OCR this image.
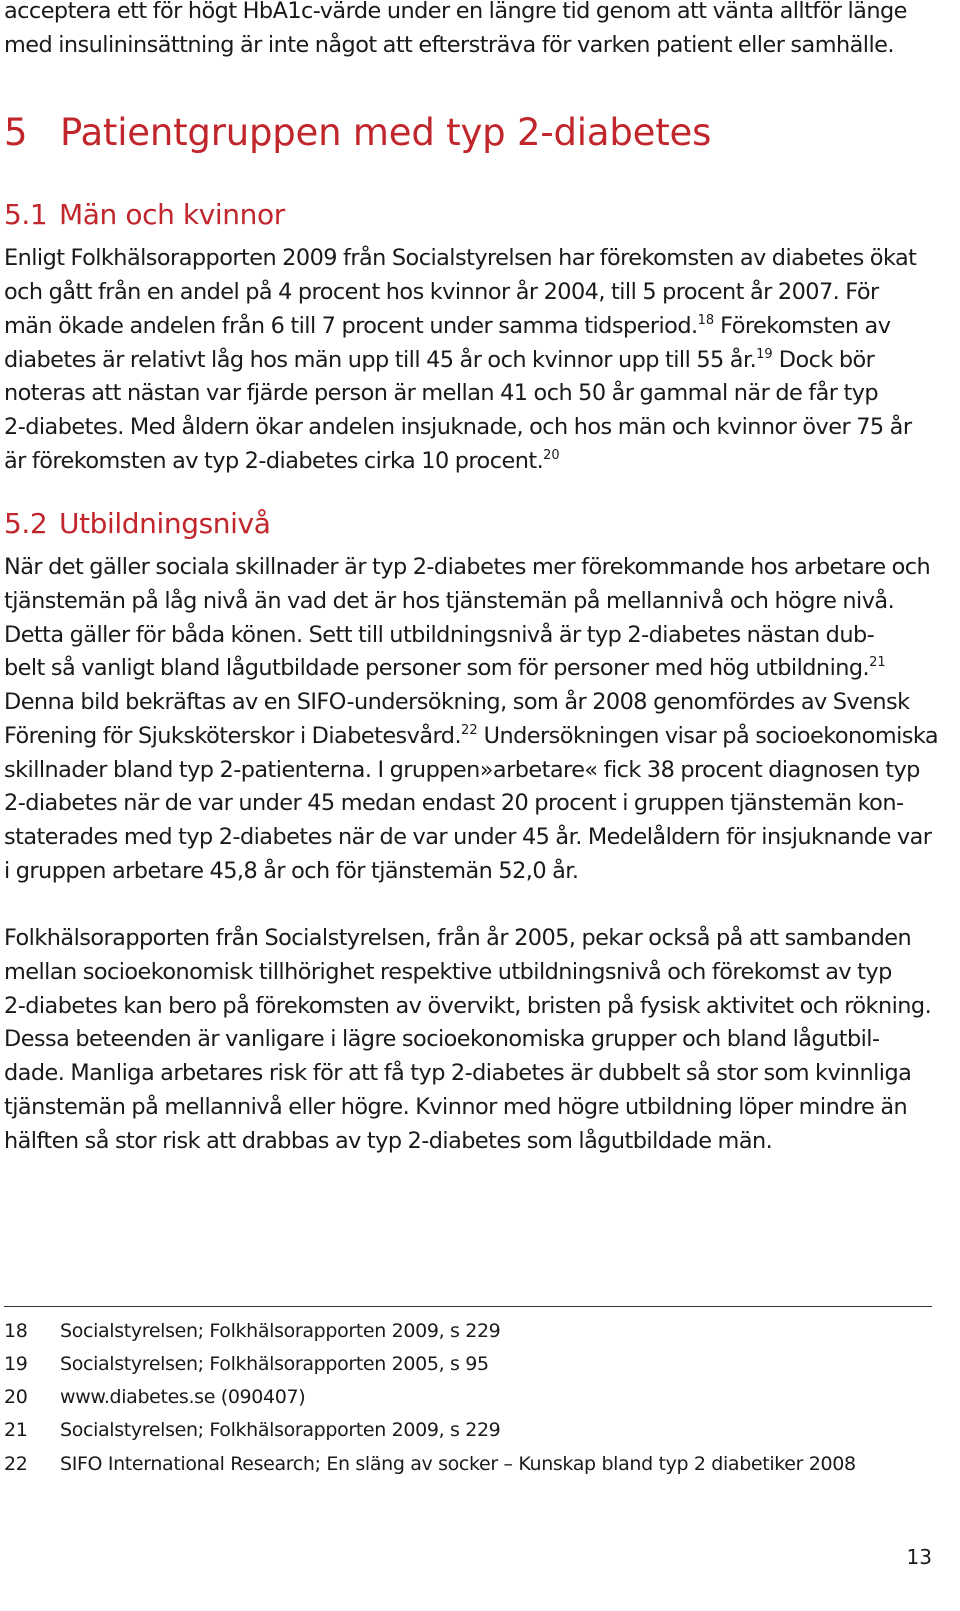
acceptera ett för högt HbA1c-värde under en längre tid genom att vänta alltför länge
med insulininsättning är inte något att eftersträva för varken patient eller samhälle.
5 Patientgruppen med typ 2-diabetes
5.1 Män och kvinnor
Enligt Folkhälsorapporten 2009 från Socialstyrelsen har förekomsten av diabetes ökat
och gått från en andel på 4 procent hos kvinnor år 2004, till 5 procent år 2007. För
män ökade andelen från 6 till 7 procent under samma tidsperiod.$^{18}$ Förekomsten av
diabetes är relativt låg hos män upp till 45 år och kvinnor upp till 55 år.$^{19}$ Dock bör
noteras att nästan var fjärde person är mellan 41 och 50 år gammal när de får typ
2-diabetes. Med åldern ökar andelen insjuknade, och hos män och kvinnor över 75 år
är förekomsten av typ 2-diabetes cirka 10 procent.$^{20}$
5.2 Utbildningsnivå
När det gäller sociala skillnader är typ 2-diabetes mer förekommande hos arbetare och
tjänstemän på låg nivå än vad det är hos tjänstemän på mellannivå och högre nivå.
Detta gäller för båda könen. Sett till utbildningsnivå är typ 2-diabetes nästan dub-
belt så vanligt bland lågutbildade personer som för personer med hög utbildning.$^{21}$
Denna bild bekräftas av en SIFO-undersökning, som år 2008 genomfördes av Svensk
Förening för Sjuksköterskor i Diabetesvård.$^{22}$ Undersökningen visar på socioekonomiska
skillnader bland typ 2-patienterna. I gruppen»arbetare« fick 38 procent diagnosen typ
2-diabetes när de var under 45 medan endast 20 procent i gruppen tjänstemän kon-
staterades med typ 2-diabetes när de var under 45 år. Medelåldern för insjuknande var
i gruppen arbetare 45,8 år och för tjänstemän 52,0 år.
Folkhälsorapporten från Socialstyrelsen, från år 2005, pekar också på att sambanden
mellan socioekonomisk tillhörighet respektive utbildningsnivå och förekomst av typ
2-diabetes kan bero på förekomsten av övervikt, bristen på fysisk aktivitet och rökning.
Dessa beteenden är vanligare i lägre socioekonomiska grupper och bland lågutbil-
dade. Manliga arbetares risk för att få typ 2-diabetes är dubbelt så stor som kvinnliga
tjänstemän på mellannivå eller högre. Kvinnor med högre utbildning löper mindre än
hälften så stor risk att drabbas av typ 2-diabetes som lågutbildade män.
18 Socialstyrelsen; Folkhälsorapporten 2009, s 229
19 Socialstyrelsen; Folkhälsorapporten 2005, s 95
20 www.diabetes.se (090407)
21 Socialstyrelsen; Folkhälsorapporten 2009, s 229
22 SIFO International Research; En släng av socker – Kunskap bland typ 2 diabetiker 2008
13
